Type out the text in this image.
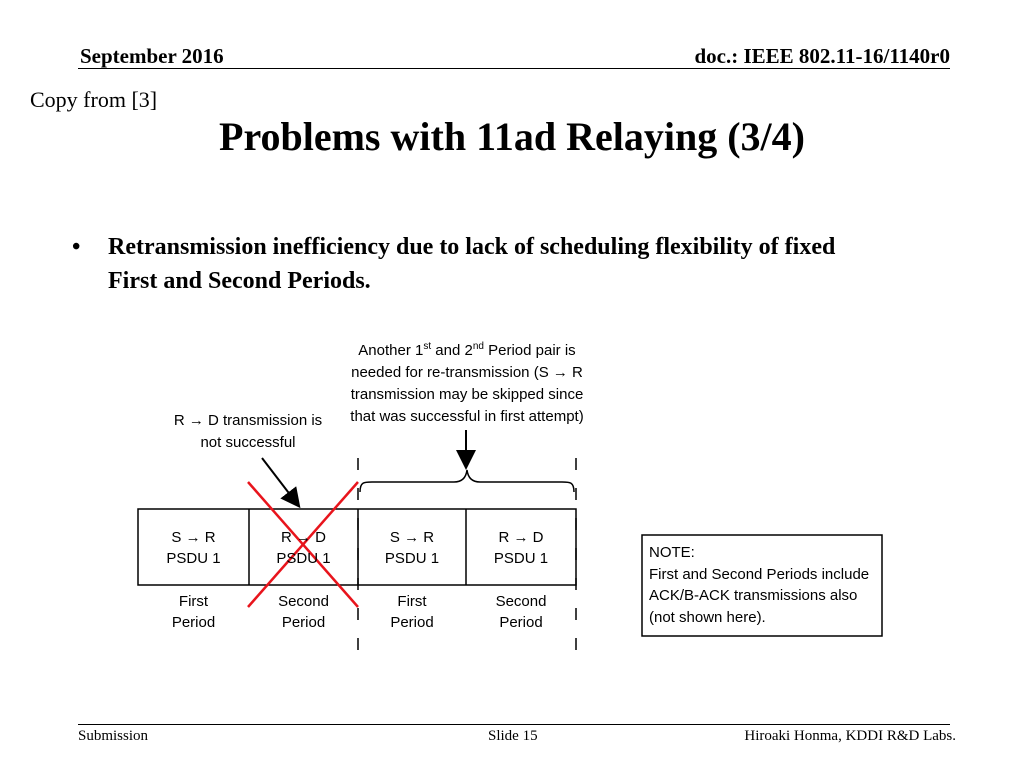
September 2016	doc.: IEEE 802.11-16/1140r0
Copy from [3]
Problems with 11ad Relaying (3/4)
• Retransmission inefficiency due to lack of scheduling flexibility of fixed
First and Second Periods.
R → D transmission is
not successful
Another 1st and 2nd Period pair is
needed for re-transmission (S → R
transmission may be skipped since
that was successful in first attempt)
S → R
PSDU 1
R → D
PSDU 1
S → R
PSDU 1
R → D
PSDU 1
First
Period
Second
Period
First
Period
Second
Period
NOTE:
First and Second Periods include
ACK/B-ACK transmissions also
(not shown here).
Submission	Slide 15	Hiroaki Honma, KDDI R&D Labs.
